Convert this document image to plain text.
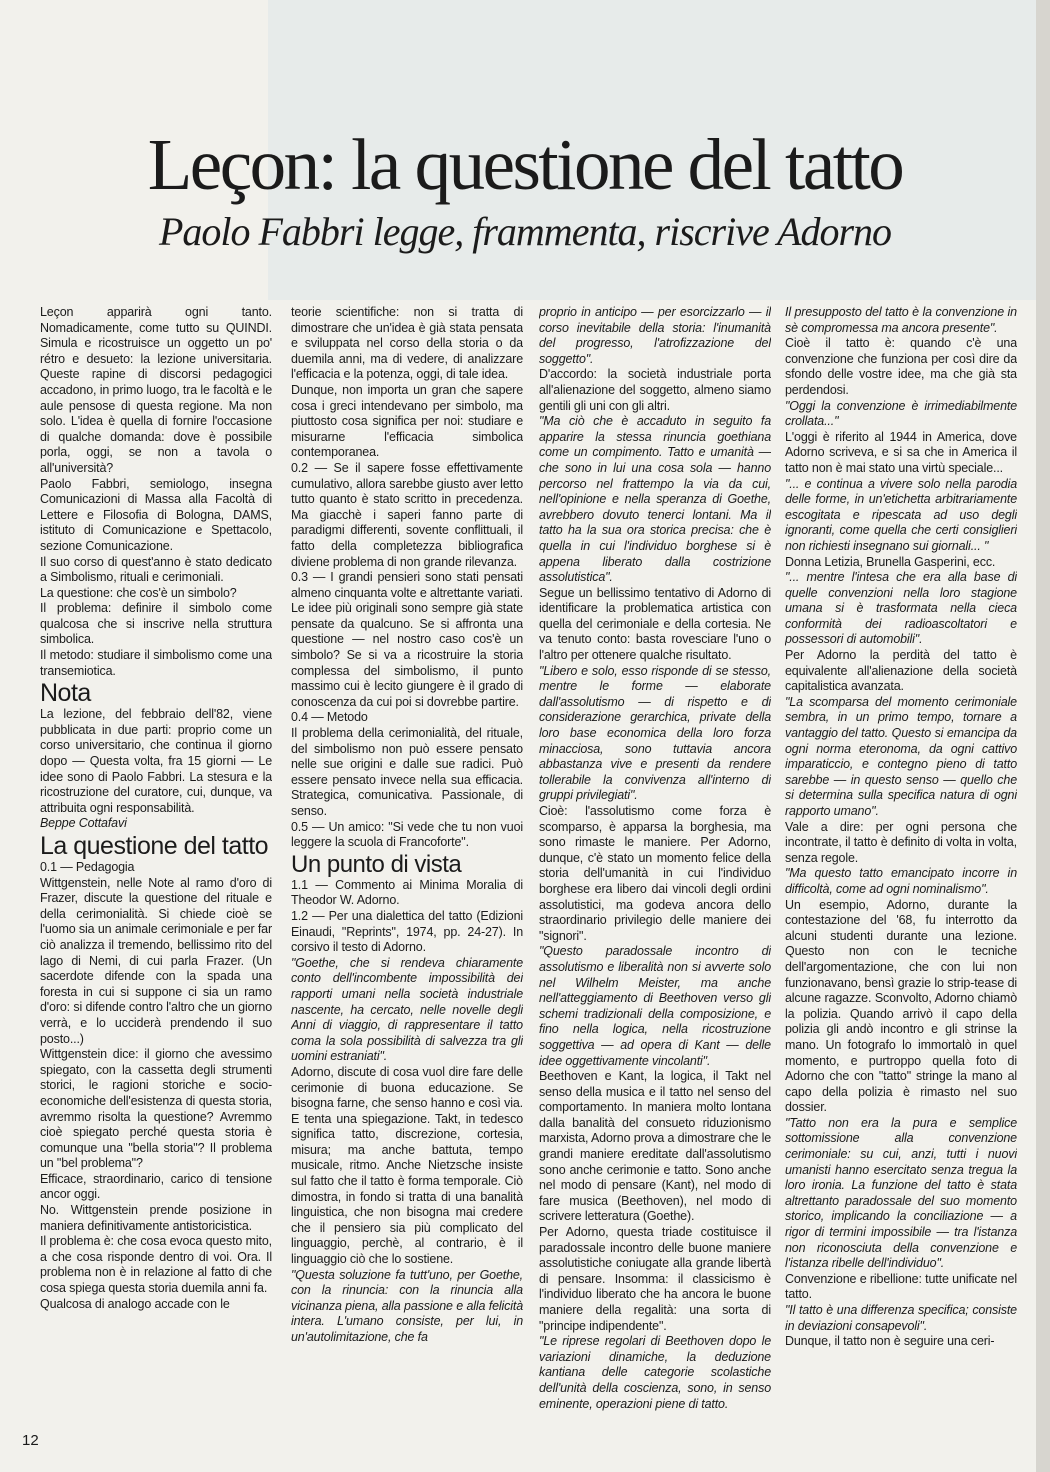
Leçon: la questione del tatto
Paolo Fabbri legge, frammenta, riscrive Adorno

Leçon apparirà ogni tanto. Nomadicamente, come tutto su QUINDI. Simula e ricostruisce un oggetto un po' rétro e desueto: la lezione universitaria. Queste rapine di discorsi pedagogici accadono, in primo luogo, tra le facoltà e le aule pensose di questa regione. Ma non solo. L'idea è quella di fornire l'occasione di qualche domanda: dove è possibile porla, oggi, se non a tavola o all'università?

Paolo Fabbri, semiologo, insegna Comunicazioni di Massa alla Facoltà di Lettere e Filosofia di Bologna, DAMS, istituto di Comunicazione e Spettacolo, sezione Comunicazione.

Il suo corso di quest'anno è stato dedicato a Simbolismo, rituali e cerimoniali.

La questione: che cos'è un simbolo?

Il problema: definire il simbolo come qualcosa che si inscrive nella struttura simbolica.

Il metodo: studiare il simbolismo come una transemiotica.

Nota

La lezione, del febbraio dell'82, viene pubblicata in due parti: proprio come un corso universitario, che continua il giorno dopo — Questa volta, fra 15 giorni — Le idee sono di Paolo Fabbri. La stesura e la ricostruzione del curatore, cui, dunque, va attribuita ogni responsabilità.

Beppe Cottafavi

La questione del tatto

0.1 — Pedagogia

Wittgenstein, nelle Note al ramo d'oro di Frazer, discute la questione del rituale e della cerimonialità. Si chiede cioè se l'uomo sia un animale cerimoniale e per far ciò analizza il tremendo, bellissimo rito del lago di Nemi, di cui parla Frazer. (Un sacerdote difende con la spada una foresta in cui si suppone ci sia un ramo d'oro: si difende contro l'altro che un giorno verrà, e lo ucciderà prendendo il suo posto...)

Wittgenstein dice: il giorno che avessimo spiegato, con la cassetta degli strumenti storici, le ragioni storiche e socio-economiche dell'esistenza di questa storia, avremmo risolta la questione? Avremmo cioè spiegato perché questa storia è comunque una "bella storia"? Il problema un "bel problema"?

Efficace, straordinario, carico di tensione ancor oggi.

No. Wittgenstein prende posizione in maniera definitivamente antistoricistica.

Il problema è: che cosa evoca questo mito, a che cosa risponde dentro di voi. Ora. Il problema non è in relazione al fatto di che cosa spiega questa storia duemila anni fa.

Qualcosa di analogo accade con le

teorie scientifiche: non si tratta di dimostrare che un'idea è già stata pensata e sviluppata nel corso della storia o da duemila anni, ma di vedere, di analizzare l'efficacia e la potenza, oggi, di tale idea.

Dunque, non importa un gran che sapere cosa i greci intendevano per simbolo, ma piuttosto cosa significa per noi: studiare e misurarne l'efficacia simbolica contemporanea.

0.2 — Se il sapere fosse effettivamente cumulativo, allora sarebbe giusto aver letto tutto quanto è stato scritto in precedenza. Ma giacchè i saperi fanno parte di paradigmi differenti, sovente conflittuali, il fatto della completezza bibliografica diviene problema di non grande rilevanza.

0.3 — I grandi pensieri sono stati pensati almeno cinquanta volte e altrettante variati. Le idee più originali sono sempre già state pensate da qualcuno. Se si affronta una questione — nel nostro caso cos'è un simbolo? Se si va a ricostruire la storia complessa del simbolismo, il punto massimo cui è lecito giungere è il grado di conoscenza da cui poi si dovrebbe partire.

0.4 — Metodo

Il problema della cerimonialità, del rituale, del simbolismo non può essere pensato nelle sue origini e dalle sue radici. Può essere pensato invece nella sua efficacia. Strategica, comunicativa. Passionale, di senso.

0.5 — Un amico: "Si vede che tu non vuoi leggere la scuola di Francoforte".

Un punto di vista

1.1 — Commento ai Minima Moralia di Theodor W. Adorno.

1.2 — Per una dialettica del tatto (Edizioni Einaudi, "Reprints", 1974, pp. 24-27). In corsivo il testo di Adorno.

"Goethe, che si rendeva chiaramente conto dell'incombente impossibilità dei rapporti umani nella società industriale nascente, ha cercato, nelle novelle degli Anni di viaggio, di rappresentare il tatto coma la sola possibilità di salvezza tra gli uomini estraniati".

Adorno, discute di cosa vuol dire fare delle cerimonie di buona educazione. Se bisogna farne, che senso hanno e così via. E tenta una spiegazione. Takt, in tedesco significa tatto, discrezione, cortesia, misura; ma anche battuta, tempo musicale, ritmo. Anche Nietzsche insiste sul fatto che il tatto è forma temporale. Ciò dimostra, in fondo si tratta di una banalità linguistica, che non bisogna mai credere che il pensiero sia più complicato del linguaggio, perchè, al contrario, è il linguaggio ciò che lo sostiene.

"Questa soluzione fa tutt'uno, per Goethe, con la rinuncia: con la rinuncia alla vicinanza piena, alla passione e alla felicità intera. L'umano consiste, per lui, in un'autolimitazione, che fa

proprio in anticipo — per esorcizzarlo — il corso inevitabile della storia: l'inumanità del progresso, l'atrofizzazione del soggetto".

D'accordo: la società industriale porta all'alienazione del soggetto, almeno siamo gentili gli uni con gli altri.

"Ma ciò che è accaduto in seguito fa apparire la stessa rinuncia goethiana come un compimento. Tatto e umanità — che sono in lui una cosa sola — hanno percorso nel frattempo la via da cui, nell'opinione e nella speranza di Goethe, avrebbero dovuto tenerci lontani. Ma il tatto ha la sua ora storica precisa: che è quella in cui l'individuo borghese si è appena liberato dalla costrizione assolutistica".

Segue un bellissimo tentativo di Adorno di identificare la problematica artistica con quella del cerimoniale e della cortesia. Ne va tenuto conto: basta rovesciare l'uno o l'altro per ottenere qualche risultato.

"Libero e solo, esso risponde di se stesso, mentre le forme — elaborate dall'assolutismo — di rispetto e di considerazione gerarchica, private della loro base economica della loro forza minacciosa, sono tuttavia ancora abbastanza vive e presenti da rendere tollerabile la convivenza all'interno di gruppi privilegiati".

Cioè: l'assolutismo come forza è scomparso, è apparsa la borghesia, ma sono rimaste le maniere. Per Adorno, dunque, c'è stato un momento felice della storia dell'umanità in cui l'individuo borghese era libero dai vincoli degli ordini assolutistici, ma godeva ancora dello straordinario privilegio delle maniere dei "signori".

"Questo paradossale incontro di assolutismo e liberalità non si avverte solo nel Wilhelm Meister, ma anche nell'atteggiamento di Beethoven verso gli schemi tradizionali della composizione, e fino nella logica, nella ricostruzione soggettiva — ad opera di Kant — delle idee oggettivamente vincolanti".

Beethoven e Kant, la logica, il Takt nel senso della musica e il tatto nel senso del comportamento. In maniera molto lontana dalla banalità del consueto riduzionismo marxista, Adorno prova a dimostrare che le grandi maniere ereditate dall'assolutismo sono anche cerimonie e tatto. Sono anche nel modo di pensare (Kant), nel modo di fare musica (Beethoven), nel modo di scrivere letteratura (Goethe).

Per Adorno, questa triade costituisce il paradossale incontro delle buone maniere assolutistiche coniugate alla grande libertà di pensare. Insomma: il classicismo è l'individuo liberato che ha ancora le buone maniere della regalità: una sorta di "principe indipendente".

"Le riprese regolari di Beethoven dopo le variazioni dinamiche, la deduzione kantiana delle categorie scolastiche dell'unità della coscienza, sono, in senso eminente, operazioni piene di tatto.

Il presupposto del tatto è la convenzione in sè compromessa ma ancora presente".

Cioè il tatto è: quando c'è una convenzione che funziona per così dire da sfondo delle vostre idee, ma che già sta perdendosi.

"Oggi la convenzione è irrimediabilmente crollata..."

L'oggi è riferito al 1944 in America, dove Adorno scriveva, e si sa che in America il tatto non è mai stato una virtù speciale...

"... e continua a vivere solo nella parodia delle forme, in un'etichetta arbitrariamente escogitata e ripescata ad uso degli ignoranti, come quella che certi consiglieri non richiesti insegnano sui giornali... "

Donna Letizia, Brunella Gasperini, ecc.

"... mentre l'intesa che era alla base di quelle convenzioni nella loro stagione umana si è trasformata nella cieca conformità dei radioascoltatori e possessori di automobili".

Per Adorno la perdità del tatto è equivalente all'alienazione della società capitalistica avanzata.

"La scomparsa del momento cerimoniale sembra, in un primo tempo, tornare a vantaggio del tatto. Questo si emancipa da ogni norma eteronoma, da ogni cattivo imparaticcio, e contegno pieno di tatto sarebbe — in questo senso — quello che si determina sulla specifica natura di ogni rapporto umano".

Vale a dire: per ogni persona che incontrate, il tatto è definito di volta in volta, senza regole.

"Ma questo tatto emancipato incorre in difficoltà, come ad ogni nominalismo".

Un esempio, Adorno, durante la contestazione del '68, fu interrotto da alcuni studenti durante una lezione. Questo non con le tecniche dell'argomentazione, che con lui non funzionavano, bensì grazie lo strip-tease di alcune ragazze. Sconvolto, Adorno chiamò la polizia. Quando arrivò il capo della polizia gli andò incontro e gli strinse la mano. Un fotografo lo immortalò in quel momento, e purtroppo quella foto di Adorno che con "tatto" stringe la mano al capo della polizia è rimasto nel suo dossier.

"Tatto non era la pura e semplice sottomissione alla convenzione cerimoniale: su cui, anzi, tutti i nuovi umanisti hanno esercitato senza tregua la loro ironia. La funzione del tatto è stata altrettanto paradossale del suo momento storico, implicando la conciliazione — a rigor di termini impossibile — tra l'istanza non riconosciuta della convenzione e l'istanza ribelle dell'individuo".

Convenzione e ribellione: tutte unificate nel tatto.

"Il tatto è una differenza specifica; consiste in deviazioni consapevoli".

Dunque, il tatto non è seguire una ceri-

12
